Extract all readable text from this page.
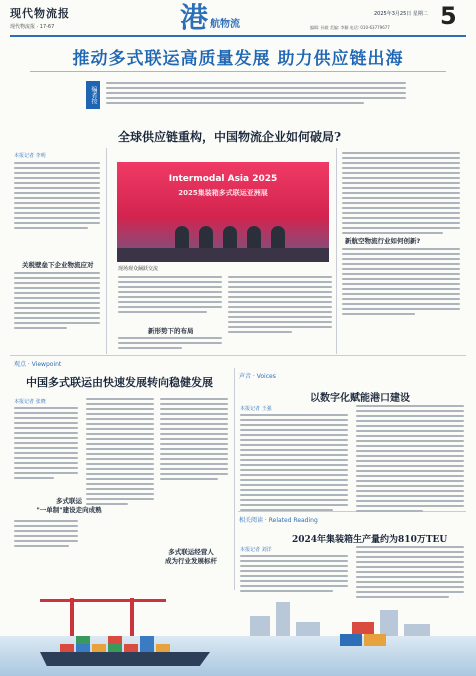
现代物流报
现代物流报 · 17-67	港 航物流
2025年3月25日 星期二 5
编辑: 孙毅 美编: 李颖 电话: 010-63779677
推动多式联运高质量发展 助力供应链出海
编者按
全球供应链重构，中国物流企业如何破局?
本报记者 李明
关税壁垒下企业物流应对
Intermodal Asia 2025
2025集装箱多式联运亚洲展
现场观众踊跃交流
新形势下的布局
新航空物流行业如何创新?
观点 · Viewpoint
中国多式联运由快速发展转向稳健发展
本报记者 张晓
多式联运
"一单制"建设走向成熟
多式联运经营人
成为行业发展标杆
声音 · Voices
以数字化赋能港口建设
本报记者 王强
相关阅读 · Related Reading
2024年集装箱生产量约为810万TEU
本报记者 刘洋
